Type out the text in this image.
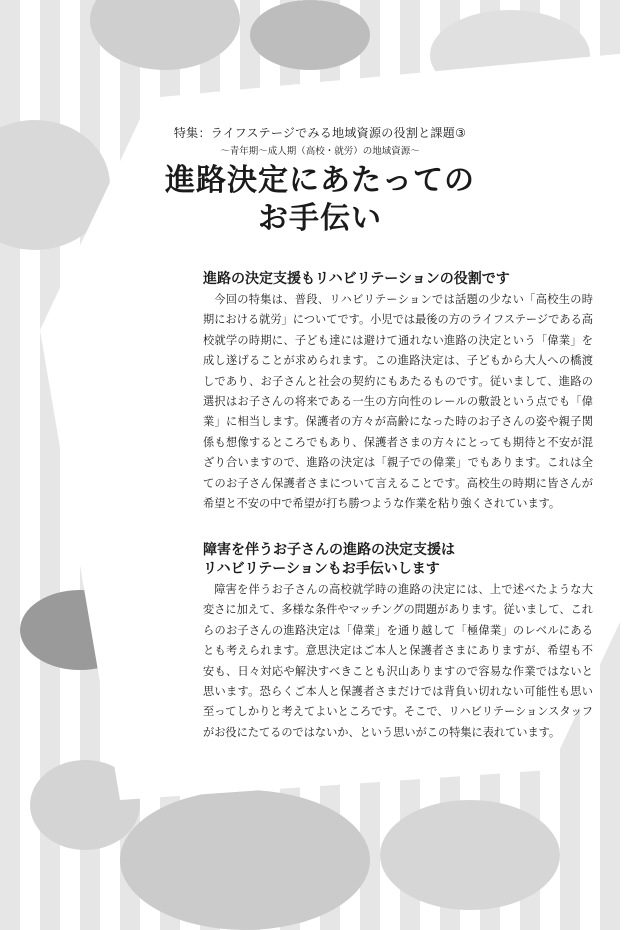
特集：ライフステージでみる地域資源の役割と課題③
～青年期～成人期（高校・就労）の地域資源～
進路決定にあたっての
お手伝い
進路の決定支援もリハビリテーションの役割です

今回の特集は、普段、リハビリテーションでは話題の少ない「高校生の時期における就労」についてです。小児では最後の方のライフステージである高校就学の時期に、子ども達には避けて通れない進路の決定という「偉業」を成し遂げることが求められます。この進路決定は、子どもから大人への橋渡しであり、お子さんと社会の契約にもあたるものです。従いまして、進路の選択はお子さんの将来である一生の方向性のレールの敷設という点でも「偉業」に相当します。保護者の方々が高齢になった時のお子さんの姿や親子関係も想像するところでもあり、保護者さまの方々にとっても期待と不安が混ざり合いますので、進路の決定は「親子での偉業」でもあります。これは全てのお子さん保護者さまについて言えることです。高校生の時期に皆さんが希望と不安の中で希望が打ち勝つような作業を粘り強くされています。

障害を伴うお子さんの進路の決定支援は
リハビリテーションもお手伝いします

障害を伴うお子さんの高校就学時の進路の決定には、上で述べたような大変さに加えて、多様な条件やマッチングの問題があります。従いまして、これらのお子さんの進路決定は「偉業」を通り越して「極偉業」のレベルにあるとも考えられます。意思決定はご本人と保護者さまにありますが、希望も不安も、日々対応や解決すべきことも沢山ありますので容易な作業ではないと思います。恐らくご本人と保護者さまだけでは背負い切れない可能性も思い至ってしかりと考えてよいところです。そこで、リハビリテーションスタッフがお役にたてるのではないか、という思いがこの特集に表れています。
